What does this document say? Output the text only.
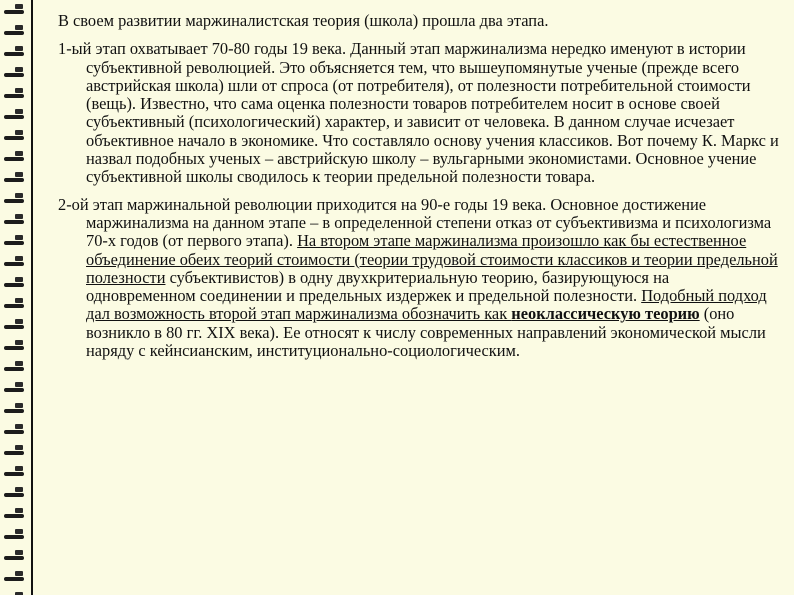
В своем развитии маржиналистская теория (школа) прошла два этапа.

1-ый этап охватывает 70-80 годы 19 века. Данный этап маржинализма нередко именуют в истории субъективной революцией. Это объясняется тем, что вышеупомянутые ученые (прежде всего австрийская школа) шли от спроса (от потребителя), от полезности потребительной стоимости (вещь). Известно, что сама оценка полезности товаров потребителем носит в основе своей субъективный (психологический) характер, и зависит от человека. В данном случае исчезает объективное начало в экономике. Что составляло основу учения классиков. Вот почему К. Маркс и назвал подобных ученых – австрийскую школу – вульгарными экономистами. Основное учение субъективной школы сводилось к теории предельной полезности товара.

2-ой этап маржинальной революции приходится на 90-е годы 19 века. Основное достижение маржинализма на данном этапе – в определенной степени отказ от субъективизма и психологизма 70-х годов (от первого этапа). На втором этапе маржинализма произошло как бы естественное объединение обеих теорий стоимости (теории трудовой стоимости классиков и теории предельной полезности субъективистов) в одну двухкритериальную теорию, базирующуюся на одновременном соединении и предельных издержек и предельной полезности. Подобный подход дал возможность второй этап маржинализма обозначить как неоклассическую теорию (оно возникло в 80 гг. XIX века). Ее относят к числу современных направлений экономической мысли наряду с кейнсианским, институционально-социологическим.
